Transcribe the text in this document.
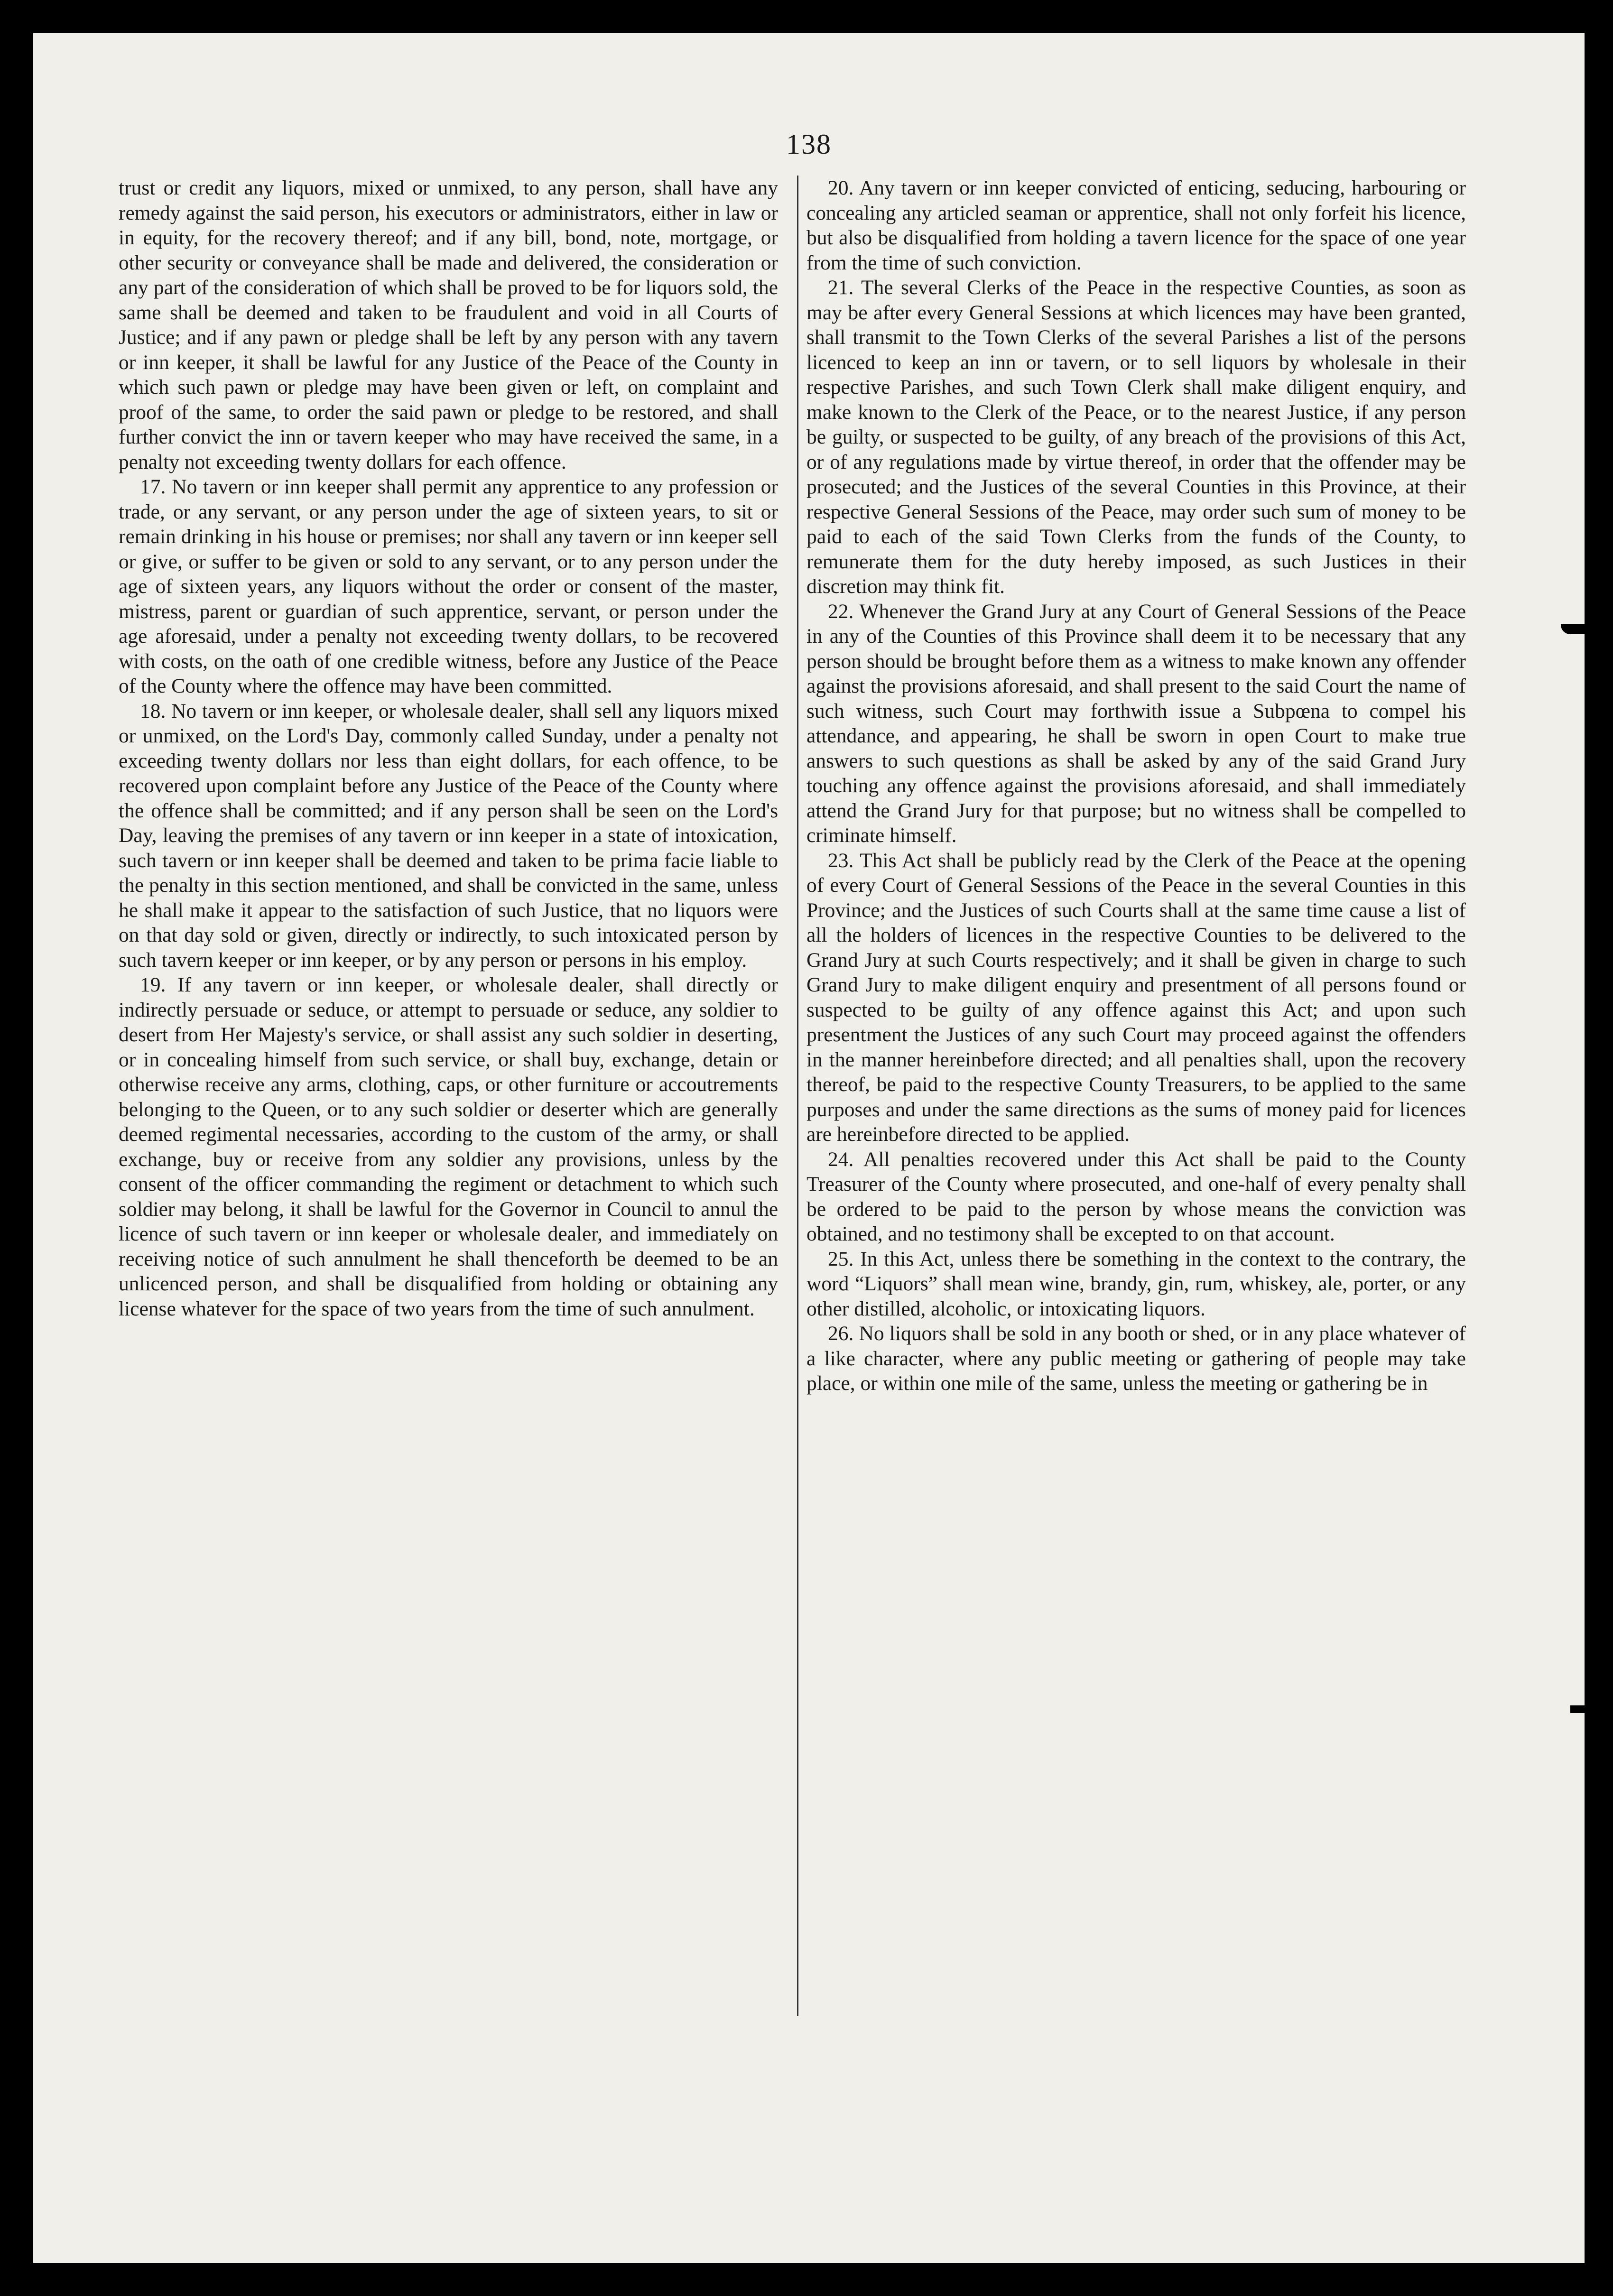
138

trust or credit any liquors, mixed or unmixed, to any person, shall have any remedy against the said person, his executors or administrators, either in law or in equity, for the recovery thereof; and if any bill, bond, note, mortgage, or other security or conveyance shall be made and delivered, the consideration or any part of the consideration of which shall be proved to be for liquors sold, the same shall be deemed and taken to be fraudulent and void in all Courts of Justice; and if any pawn or pledge shall be left by any person with any tavern or inn keeper, it shall be lawful for any Justice of the Peace of the County in which such pawn or pledge may have been given or left, on complaint and proof of the same, to order the said pawn or pledge to be restored, and shall further convict the inn or tavern keeper who may have received the same, in a penalty not exceeding twenty dollars for each offence.

17. No tavern or inn keeper shall permit any apprentice to any profession or trade, or any servant, or any person under the age of sixteen years, to sit or remain drinking in his house or premises; nor shall any tavern or inn keeper sell or give, or suffer to be given or sold to any servant, or to any person under the age of sixteen years, any liquors without the order or consent of the master, mistress, parent or guardian of such apprentice, servant, or person under the age aforesaid, under a penalty not exceeding twenty dollars, to be recovered with costs, on the oath of one credible witness, before any Justice of the Peace of the County where the offence may have been committed.

18. No tavern or inn keeper, or wholesale dealer, shall sell any liquors mixed or unmixed, on the Lord's Day, commonly called Sunday, under a penalty not exceeding twenty dollars nor less than eight dollars, for each offence, to be recovered upon complaint before any Justice of the Peace of the County where the offence shall be committed; and if any person shall be seen on the Lord's Day, leaving the premises of any tavern or inn keeper in a state of intoxication, such tavern or inn keeper shall be deemed and taken to be prima facie liable to the penalty in this section mentioned, and shall be convicted in the same, unless he shall make it appear to the satisfaction of such Justice, that no liquors were on that day sold or given, directly or indirectly, to such intoxicated person by such tavern keeper or inn keeper, or by any person or persons in his employ.

19. If any tavern or inn keeper, or wholesale dealer, shall directly or indirectly persuade or seduce, or attempt to persuade or seduce, any soldier to desert from Her Majesty's service, or shall assist any such soldier in deserting, or in concealing himself from such service, or shall buy, exchange, detain or otherwise receive any arms, clothing, caps, or other furniture or accoutrements belonging to the Queen, or to any such soldier or deserter which are generally deemed regimental necessaries, according to the custom of the army, or shall exchange, buy or receive from any soldier any provisions, unless by the consent of the officer commanding the regiment or detachment to which such soldier may belong, it shall be lawful for the Governor in Council to annul the licence of such tavern or inn keeper or wholesale dealer, and immediately on receiving notice of such annulment he shall thenceforth be deemed to be an unlicenced person, and shall be disqualified from holding or obtaining any license whatever for the space of two years from the time of such annulment.

20. Any tavern or inn keeper convicted of enticing, seducing, harbouring or concealing any articled seaman or apprentice, shall not only forfeit his licence, but also be disqualified from holding a tavern licence for the space of one year from the time of such conviction.

21. The several Clerks of the Peace in the respective Counties, as soon as may be after every General Sessions at which licences may have been granted, shall transmit to the Town Clerks of the several Parishes a list of the persons licenced to keep an inn or tavern, or to sell liquors by wholesale in their respective Parishes, and such Town Clerk shall make diligent enquiry, and make known to the Clerk of the Peace, or to the nearest Justice, if any person be guilty, or suspected to be guilty, of any breach of the provisions of this Act, or of any regulations made by virtue thereof, in order that the offender may be prosecuted; and the Justices of the several Counties in this Province, at their respective General Sessions of the Peace, may order such sum of money to be paid to each of the said Town Clerks from the funds of the County, to remunerate them for the duty hereby imposed, as such Justices in their discretion may think fit.

22. Whenever the Grand Jury at any Court of General Sessions of the Peace in any of the Counties of this Province shall deem it to be necessary that any person should be brought before them as a witness to make known any offender against the provisions aforesaid, and shall present to the said Court the name of such witness, such Court may forthwith issue a Subpœna to compel his attendance, and appearing, he shall be sworn in open Court to make true answers to such questions as shall be asked by any of the said Grand Jury touching any offence against the provisions aforesaid, and shall immediately attend the Grand Jury for that purpose; but no witness shall be compelled to criminate himself.

23. This Act shall be publicly read by the Clerk of the Peace at the opening of every Court of General Sessions of the Peace in the several Counties in this Province; and the Justices of such Courts shall at the same time cause a list of all the holders of licences in the respective Counties to be delivered to the Grand Jury at such Courts respectively; and it shall be given in charge to such Grand Jury to make diligent enquiry and presentment of all persons found or suspected to be guilty of any offence against this Act; and upon such presentment the Justices of any such Court may proceed against the offenders in the manner hereinbefore directed; and all penalties shall, upon the recovery thereof, be paid to the respective County Treasurers, to be applied to the same purposes and under the same directions as the sums of money paid for licences are hereinbefore directed to be applied.

24. All penalties recovered under this Act shall be paid to the County Treasurer of the County where prosecuted, and one-half of every penalty shall be ordered to be paid to the person by whose means the conviction was obtained, and no testimony shall be excepted to on that account.

25. In this Act, unless there be something in the context to the contrary, the word “Liquors” shall mean wine, brandy, gin, rum, whiskey, ale, porter, or any other distilled, alcoholic, or intoxicating liquors.

26. No liquors shall be sold in any booth or shed, or in any place whatever of a like character, where any public meeting or gathering of people may take place, or within one mile of the same, unless the meeting or gathering be in
